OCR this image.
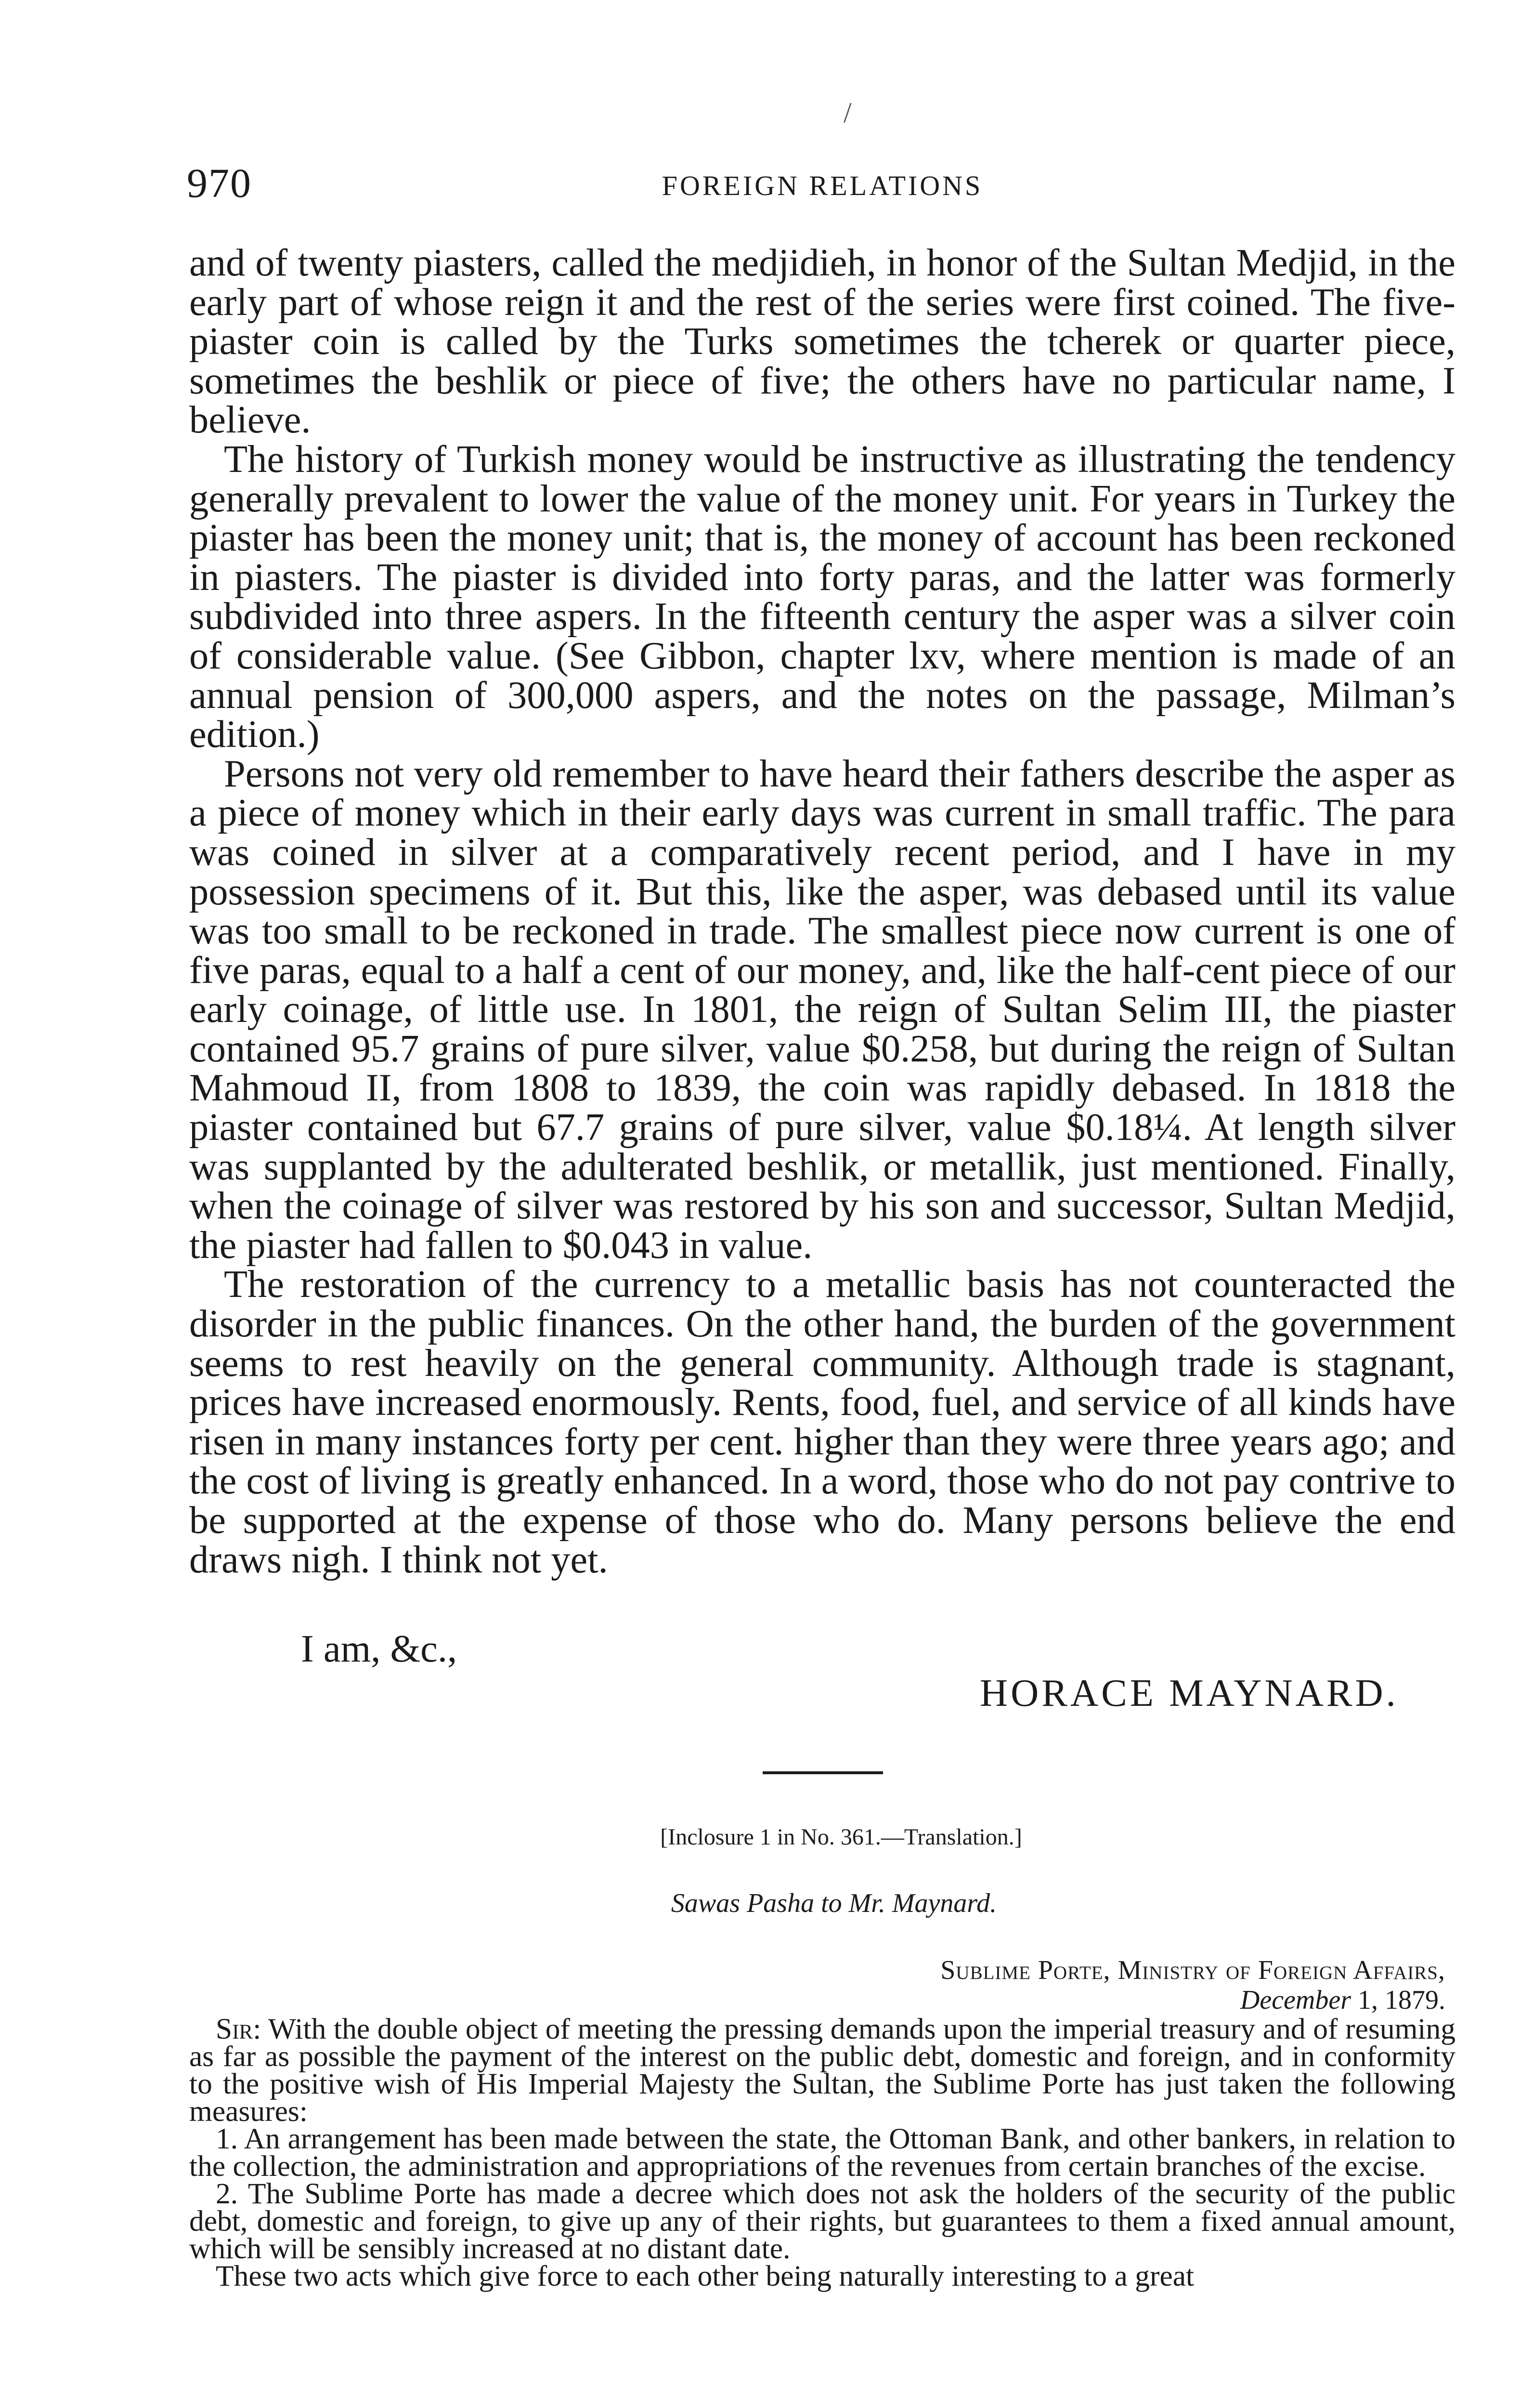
/
970	FOREIGN RELATIONS

and of twenty piasters, called the medjidieh, in honor of the Sultan Medjid, in the early part of whose reign it and the rest of the series were first coined. The five-piaster coin is called by the Turks sometimes the tcherek or quarter piece, sometimes the beshlik or piece of five; the others have no particular name, I believe.

The history of Turkish money would be instructive as illustrating the tendency generally prevalent to lower the value of the money unit. For years in Turkey the piaster has been the money unit; that is, the money of account has been reckoned in piasters. The piaster is divided into forty paras, and the latter was formerly subdivided into three aspers. In the fifteenth century the asper was a silver coin of considerable value. (See Gibbon, chapter lxv, where mention is made of an annual pension of 300,000 aspers, and the notes on the passage, Milman’s edition.)

Persons not very old remember to have heard their fathers describe the asper as a piece of money which in their early days was current in small traffic. The para was coined in silver at a comparatively recent period, and I have in my possession specimens of it. But this, like the asper, was debased until its value was too small to be reckoned in trade. The smallest piece now current is one of five paras, equal to a half a cent of our money, and, like the half-cent piece of our early coinage, of little use. In 1801, the reign of Sultan Selim III, the piaster contained 95.7 grains of pure silver, value $0.258, but during the reign of Sultan Mahmoud II, from 1808 to 1839, the coin was rapidly debased. In 1818 the piaster contained but 67.7 grains of pure silver, value $0.18¼. At length silver was supplanted by the adulterated beshlik, or metallik, just mentioned. Finally, when the coinage of silver was restored by his son and successor, Sultan Medjid, the piaster had fallen to $0.043 in value.

The restoration of the currency to a metallic basis has not counteracted the disorder in the public finances. On the other hand, the burden of the government seems to rest heavily on the general community. Although trade is stagnant, prices have increased enormously. Rents, food, fuel, and service of all kinds have risen in many instances forty per cent. higher than they were three years ago; and the cost of living is greatly enhanced. In a word, those who do not pay contrive to be supported at the expense of those who do. Many persons believe the end draws nigh. I think not yet.

I am, &c.,
HORACE MAYNARD.
[Inclosure 1 in No. 361.—Translation.]
Sawas Pasha to Mr. Maynard.
Sublime Porte, Ministry of Foreign Affairs,
December 1, 1879.

Sir: With the double object of meeting the pressing demands upon the imperial treasury and of resuming as far as possible the payment of the interest on the public debt, domestic and foreign, and in conformity to the positive wish of His Imperial Majesty the Sultan, the Sublime Porte has just taken the following measures:

1. An arrangement has been made between the state, the Ottoman Bank, and other bankers, in relation to the collection, the administration and appropriations of the revenues from certain branches of the excise.

2. The Sublime Porte has made a decree which does not ask the holders of the security of the public debt, domestic and foreign, to give up any of their rights, but guarantees to them a fixed annual amount, which will be sensibly increased at no distant date.

These two acts which give force to each other being naturally interesting to a great
